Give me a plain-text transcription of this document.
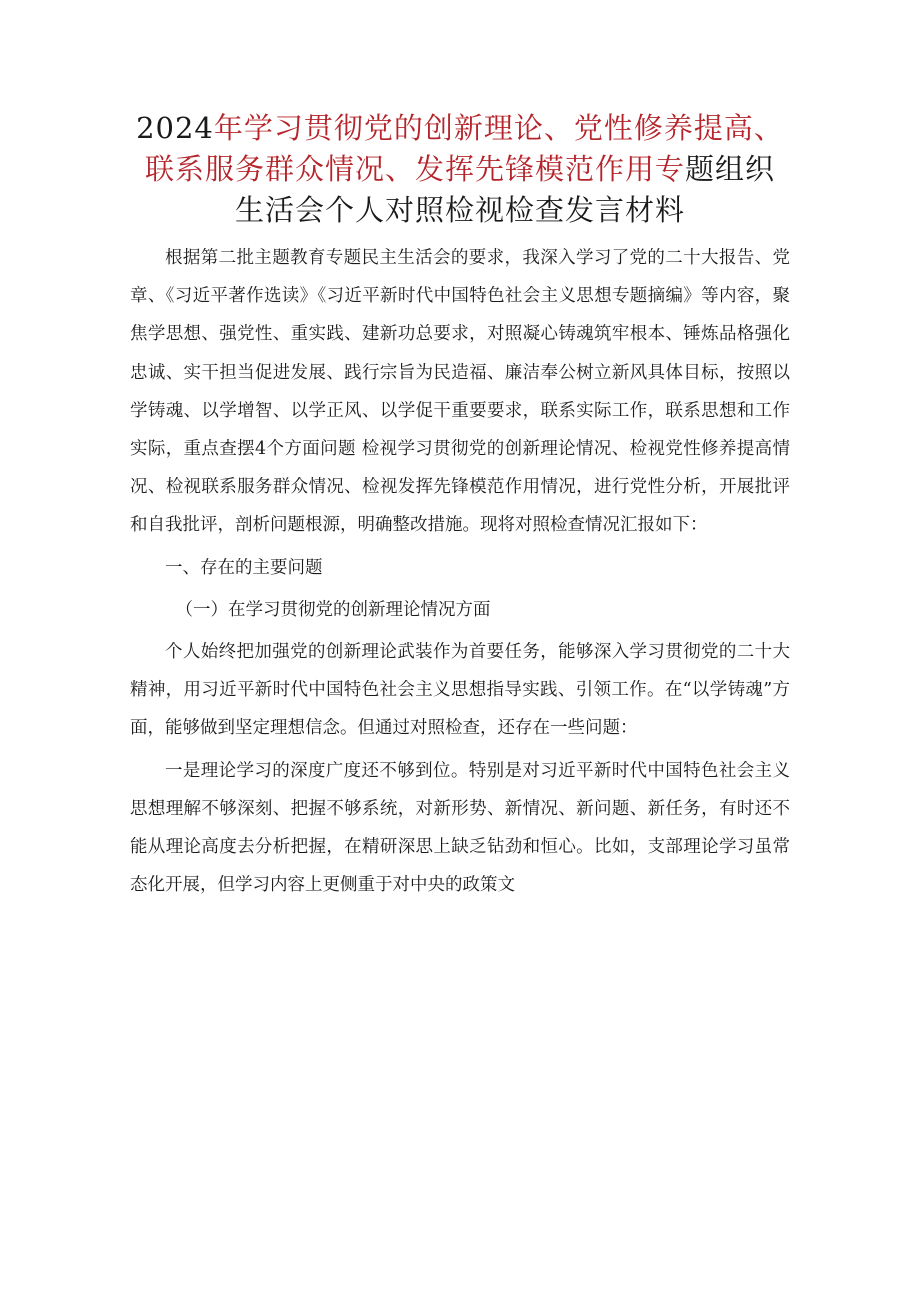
2024年学习贯彻党的创新理论、党性修养提高、联系服务群众情况、发挥先锋模范作用专题组织生活会个人对照检视检查发言材料

根据第二批主题教育专题民主生活会的要求，我深入学习了党的二十大报告、党章、《习近平著作选读》《习近平新时代中国特色社会主义思想专题摘编》等内容，聚焦学思想、强党性、重实践、建新功总要求，对照凝心铸魂筑牢根本、锤炼品格强化忠诚、实干担当促进发展、践行宗旨为民造福、廉洁奉公树立新风具体目标，按照以学铸魂、以学增智、以学正风、以学促干重要要求，联系实际工作，联系思想和工作实际，重点查摆4个方面问题 检视学习贯彻党的创新理论情况、检视党性修养提高情况、检视联系服务群众情况、检视发挥先锋模范作用情况，进行党性分析，开展批评和自我批评，剖析问题根源，明确整改措施。现将对照检查情况汇报如下：

一、存在的主要问题

（一）在学习贯彻党的创新理论情况方面

个人始终把加强党的创新理论武装作为首要任务，能够深入学习贯彻党的二十大精神，用习近平新时代中国特色社会主义思想指导实践、引领工作。在“以学铸魂”方面，能够做到坚定理想信念。但通过对照检查，还存在一些问题：

一是理论学习的深度广度还不够到位。特别是对习近平新时代中国特色社会主义思想理解不够深刻、把握不够系统，对新形势、新情况、新问题、新任务，有时还不能从理论高度去分析把握，在精研深思上缺乏钻劲和恒心。比如，支部理论学习虽常态化开展，但学习内容上更侧重于对中央的政策文
